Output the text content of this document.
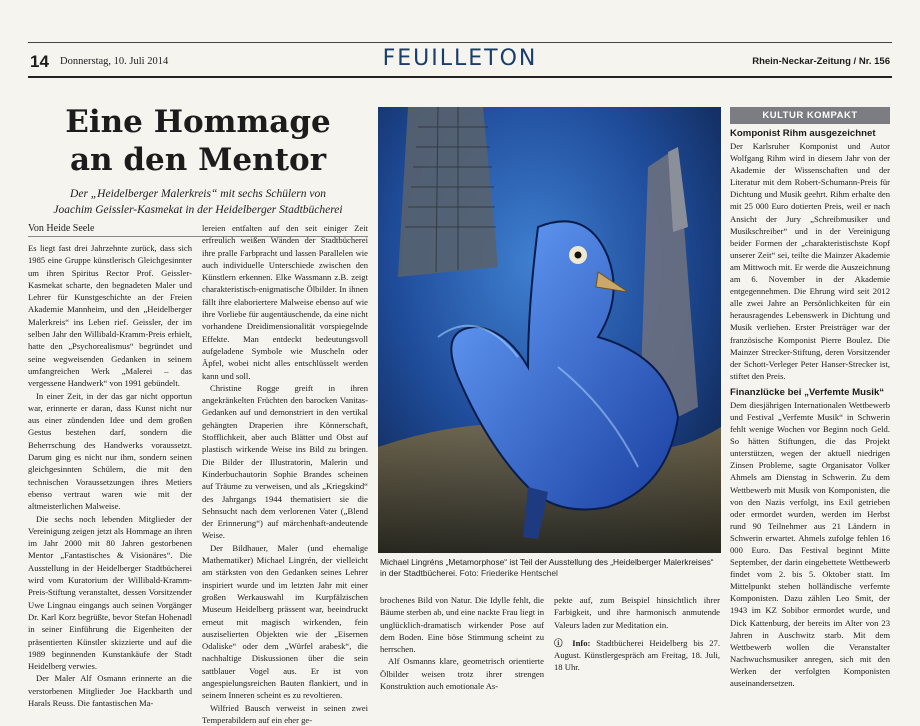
14 Donnerstag, 10. Juli 2014	FEUILLETON	Rhein-Neckar-Zeitung / Nr. 156
Eine Hommage
an den Mentor
Der „Heidelberger Malerkreis“ mit sechs Schülern von
Joachim Geissler-Kasmekat in der Heidelberger Stadtbücherei
Von Heide Seele

Es liegt fast drei Jahrzehnte zurück, dass sich 1985 eine Gruppe künstlerisch Gleichgesinnter um ihren Spiritus Rector Prof. Geissler-Kasmekat scharte, den begnadeten Maler und Lehrer für Kunstgeschichte an der Freien Akademie Mannheim, und den „Heidelberger Malerkreis“ ins Leben rief. Geissler, der im selben Jahr den Willibald-Kramm-Preis erhielt, hatte den „Psychorealismus“ begründet und seine wegweisenden Gedanken in seinem umfangreichen Werk „Malerei – das vergessene Handwerk“ von 1991 gebündelt.

In einer Zeit, in der das gar nicht opportun war, erinnerte er daran, dass Kunst nicht nur aus einer zündenden Idee und dem großen Gestus bestehen darf, sondern die Beherrschung des Handwerks voraussetzt. Darum ging es nicht nur ihm, sondern seinen gleichgesinnten Schülern, die mit den technischen Voraussetzungen ihres Metiers ebenso vertraut waren wie mit der altmeisterlichen Malweise.

Die sechs noch lebenden Mitglieder der Vereinigung zeigen jetzt als Hommage an ihren im Jahr 2000 mit 80 Jahren gestorbenen Mentor „Fantastisches & Visionäres“. Die Ausstellung in der Heidelberger Stadtbücherei wird vom Kuratorium der Willibald-Kramm-Preis-Stiftung veranstaltet, dessen Vorsitzender Uwe Lingnau eingangs auch seinen Vorgänger Dr. Karl Korz begrüßte, bevor Stefan Hohenadl in seiner Einführung die Eigenheiten der präsentierten Künstler skizzierte und auf die 1989 beginnenden Kunstankäufe der Stadt Heidelberg verwies.

Der Maler Alf Osmann erinnerte an die verstorbenen Mitglieder Joe Hackbarth und Harals Reuss. Die fantastischen Ma-

lereien entfalten auf den seit einiger Zeit erfreulich weißen Wänden der Stadtbücherei ihre pralle Farbpracht und lassen Parallelen wie auch individuelle Unterschiede zwischen den Künstlern erkennen. Elke Wassmann z.B. zeigt charakteristisch-enigmatische Ölbilder. In ihnen fällt ihre elaboriertere Malweise ebenso auf wie ihre Vorliebe für augentäuschende, da eine nicht vorhandene Dreidimensionalität vorspiegelnde Effekte. Man entdeckt bedeutungsvoll aufgeladene Symbole wie Muscheln oder Äpfel, wobei nicht alles entschlüsselt werden kann und soll.

Christine Rogge greift in ihren angekränkelten Früchten den barocken Vanitas-Gedanken auf und demonstriert in den vertikal gehängten Draperien ihre Könnerschaft, Stofflichkeit, aber auch Blätter und Obst auf plastisch wirkende Weise ins Bild zu bringen. Die Bilder der Illustratorin, Malerin und Kinderbuchautorin Sophie Brandes scheinen auf Träume zu verweisen, und als „Kriegskind“ des Jahrgangs 1944 thematisiert sie die Sehnsucht nach dem verlorenen Vater („Blend der Erinnerung“) auf märchenhaft-andeutende Weise.

Der Bildhauer, Maler (und ehemalige Mathematiker) Michael Lingrén, der vielleicht am stärksten von den Gedanken seines Lehrer inspiriert wurde und im letzten Jahr mit einer großen Werkauswahl im Kurpfälzischen Museum Heidelberg prässent war, beeindruckt erneut mit magisch wirkenden, fein ausziselierten Objekten wie der „Eisernen Odaliske“ oder dem „Würfel arabesk“, die nachhaltige Diskussionen über die sein sattblauer Vogel aus. Er ist von angespielungsreichen Bauten flankiert, und in seinem Inneren scheint es zu revoltieren.

Wilfried Bausch verweist in seinen zwei Temperabildern auf ein eher ge-

Michael Lingréns „Metamorphose“ ist Teil der Ausstellung des „Heidelberger Malerkreises“ in der Stadtbücherei. Foto: Friederike Hentschel

brochenes Bild von Natur. Die Idylle fehlt, die Bäume sterben ab, und eine nackte Frau liegt in unglücklich-dramatisch wirkender Pose auf dem Boden. Eine böse Stimmung scheint zu herrschen.

Alf Osmanns klare, geometrisch orientierte Ölbilder weisen trotz ihrer strengen Konstruktion auch emotionale As-

pekte auf, zum Beispiel hinsichtlich ihrer Farbigkeit, und ihre harmonisch anmutende Valeurs laden zur Meditation ein.

ⓘ Info: Stadtbücherei Heidelberg bis 27. August. Künstlergespräch am Freitag, 18. Juli, 18 Uhr.

KULTUR KOMPAKT
Komponist Rihm ausgezeichnet
Der Karlsruher Komponist und Autor Wolfgang Rihm wird in diesem Jahr von der Akademie der Wissenschaften und der Literatur mit dem Robert-Schumann-Preis für Dichtung und Musik geehrt. Rihm erhalte den mit 25 000 Euro dotierten Preis, weil er nach Ansicht der Jury „Schreibmusiker und Musikschreiber“ und in der Vereinigung beider Formen der „charakteristischste Kopf unserer Zeit“ sei, teilte die Mainzer Akademie am Mittwoch mit. Er werde die Auszeichnung am 6. November in der Akademie entgegennehmen. Die Ehrung wird seit 2012 alle zwei Jahre an Persönlichkeiten für ein herausragendes Lebenswerk in Dichtung und Musik verliehen. Erster Preisträger war der französische Komponist Pierre Boulez. Die Mainzer Strecker-Stiftung, deren Vorsitzender der Schott-Verleger Peter Hanser-Strecker ist, stiftet den Preis.
Finanzlücke bei „Verfemte Musik“
Dem diesjährigen Internationalen Wettbewerb und Festival „Verfemte Musik“ in Schwerin fehlt wenige Wochen vor Beginn noch Geld. So hätten Stiftungen, die das Projekt unterstützen, wegen der aktuell niedrigen Zinsen Probleme, sagte Organisator Volker Ahmels am Dienstag in Schwerin. Zu dem Wettbewerb mit Musik von Komponisten, die von den Nazis verfolgt, ins Exil getrieben oder ermordet wurden, werden im Herbst rund 90 Teilnehmer aus 21 Ländern in Schwerin erwartet. Ahmels zufolge fehlen 16 000 Euro. Das Festival beginnt Mitte September, der darin eingebettete Wettbewerb findet vom 2. bis 5. Oktober statt. Im Mittelpunkt stehen holländische verfemte Komponisten. Dazu zählen Leo Smit, der 1943 im KZ Sobibor ermordet wurde, und Dick Kattenburg, der bereits im Alter von 23 Jahren in Auschwitz starb. Mit dem Wettbewerb wollen die Veranstalter Nachwuchsmusiker anregen, sich mit den Werken der verfolgten Komponisten auseinandersetzen.
